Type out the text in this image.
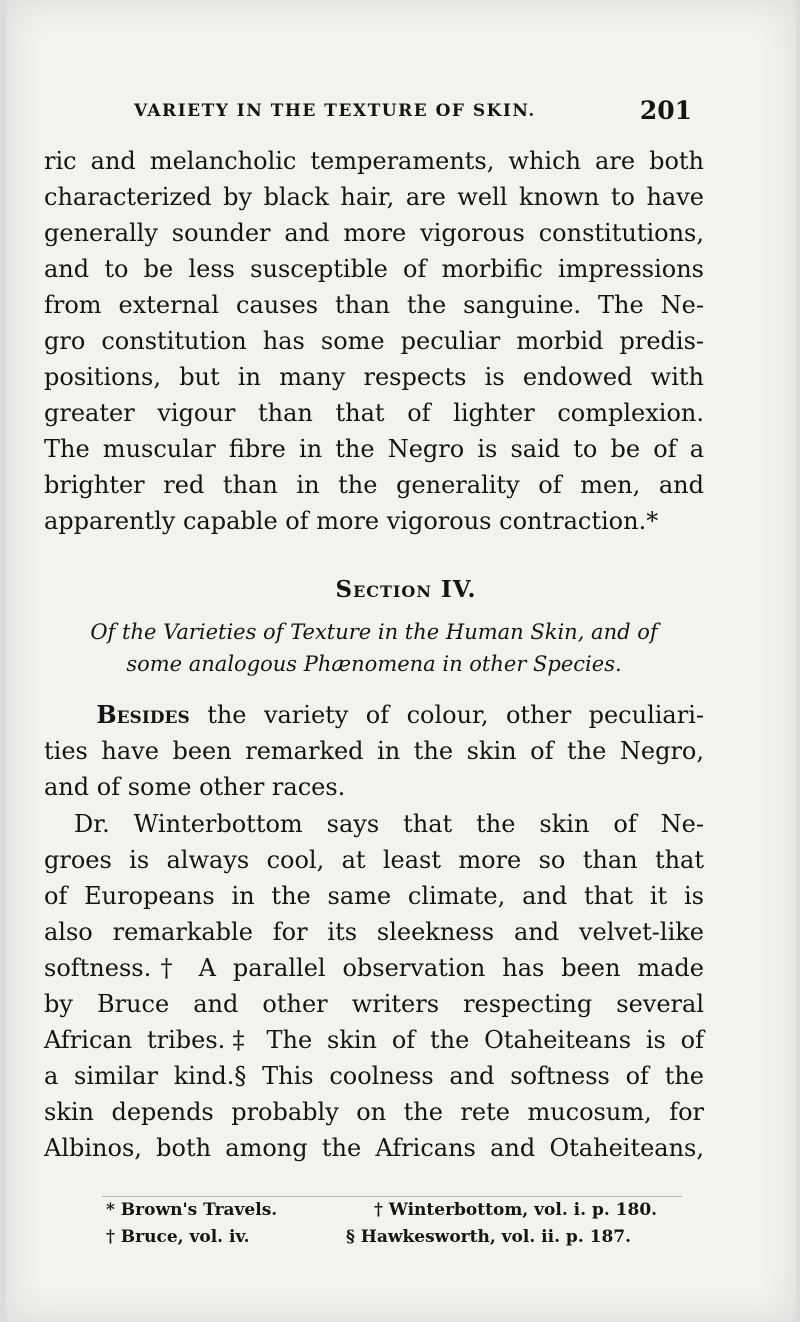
VARIETY IN THE TEXTURE OF SKIN.	201
ric and melancholic temperaments, which are both
characterized by black hair, are well known to have
generally sounder and more vigorous constitutions,
and to be less susceptible of morbific impressions
from external causes than the sanguine. The Ne-
gro constitution has some peculiar morbid predis-
positions, but in many respects is endowed with
greater vigour than that of lighter complexion.
The muscular fibre in the Negro is said to be of a
brighter red than in the generality of men, and
apparently capable of more vigorous contraction.*
Section IV.
Of the Varieties of Texture in the Human Skin, and of
some analogous Phænomena in other Species.
Besides the variety of colour, other peculiari-
ties have been remarked in the skin of the Negro,
and of some other races.
Dr. Winterbottom says that the skin of Ne-
groes is always cool, at least more so than that
of Europeans in the same climate, and that it is
also remarkable for its sleekness and velvet-like
softness.† A parallel observation has been made
by Bruce and other writers respecting several
African tribes.‡ The skin of the Otaheiteans is of
a similar kind.§ This coolness and softness of the
skin depends probably on the rete mucosum, for
Albinos, both among the Africans and Otaheiteans,
* Brown's Travels.	† Winterbottom, vol. i. p. 180.
† Bruce, vol. iv.	§ Hawkesworth, vol. ii. p. 187.
